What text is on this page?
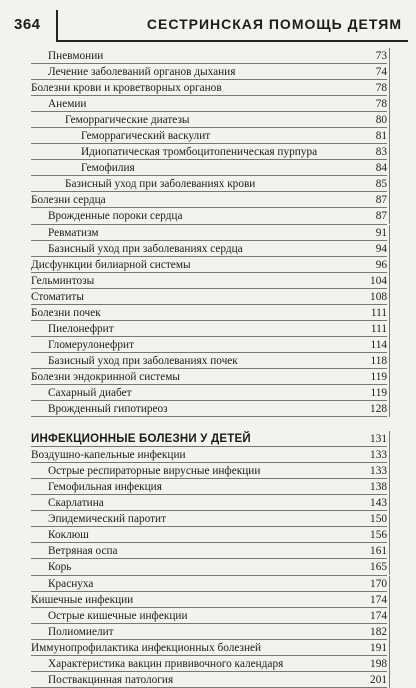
364	СЕСТРИНСКАЯ ПОМОЩЬ ДЕТЯМ
Пневмонии	73
Лечение заболеваний органов дыхания	74
Болезни крови и кроветворных органов	78
Анемии	78
Геморрагические диатезы	80
Геморрагический васкулит	81
Идиопатическая тромбоцитопеническая пурпура	83
Гемофилия	84
Базисный уход при заболеваниях крови	85
Болезни сердца	87
Врожденные пороки сердца	87
Ревматизм	91
Базисный уход при заболеваниях сердца	94
Дисфункции билиарной системы	96
Гельминтозы	104
Стоматиты	108
Болезни почек	111
Пиелонефрит	111
Гломерулонефрит	114
Базисный уход при заболеваниях почек	118
Болезни эндокринной системы	119
Сахарный диабет	119
Врожденный гипотиреоз	128
ИНФЕКЦИОННЫЕ БОЛЕЗНИ У ДЕТЕЙ	131
Воздушно-капельные инфекции	133
Острые респираторные вирусные инфекции	133
Гемофильная инфекция	138
Скарлатина	143
Эпидемический паротит	150
Коклюш	156
Ветряная оспа	161
Корь	165
Краснуха	170
Кишечные инфекции	174
Острые кишечные инфекции	174
Полиомиелит	182
Иммунопрофилактика инфекционных болезней	191
Характеристика вакцин прививочного календаря	198
Поствакцинная патология	201
